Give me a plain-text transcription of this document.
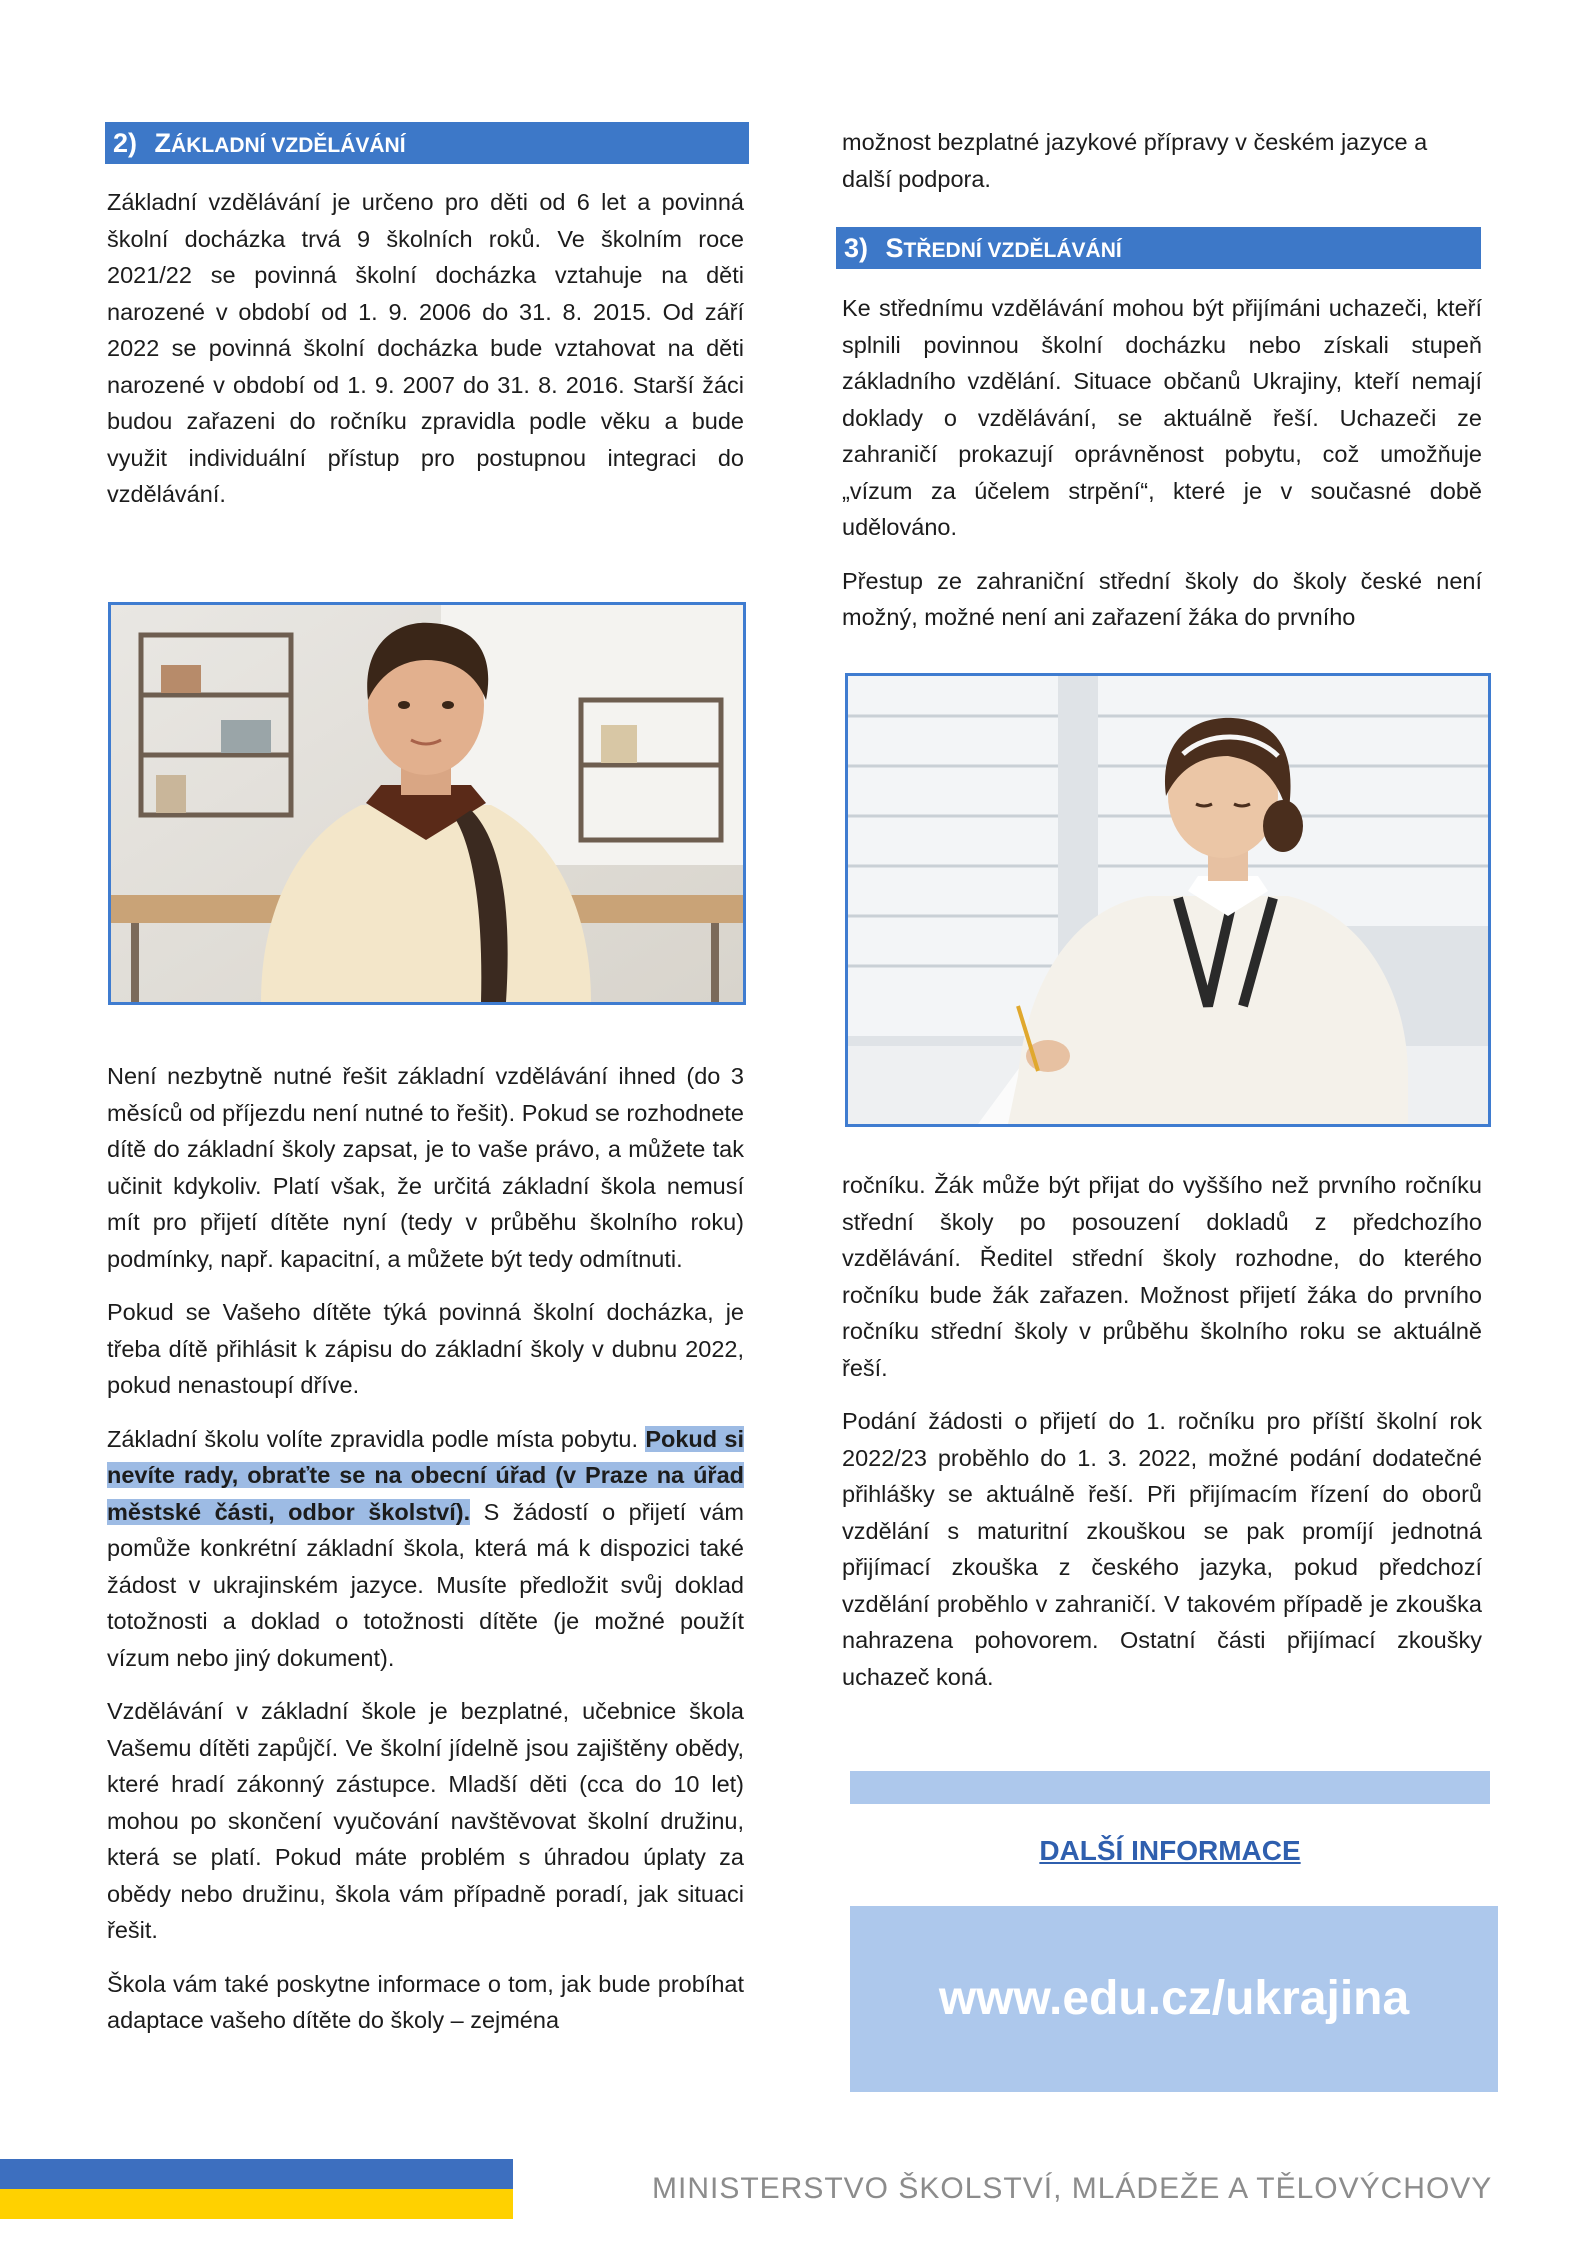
2) ZÁKLADNÍ VZDĚLÁVÁNÍ

Základní vzdělávání je určeno pro děti od 6 let a povinná školní docházka trvá 9 školních roků. Ve školním roce 2021/22 se povinná školní docházka vztahuje na děti narozené v období od 1. 9. 2006 do 31. 8. 2015. Od září 2022 se povinná školní docházka bude vztahovat na děti narozené v období od 1. 9. 2007 do 31. 8. 2016. Starší žáci budou zařazeni do ročníku zpravidla podle věku a bude využit individuální přístup pro postupnou integraci do vzdělávání.

Není nezbytně nutné řešit základní vzdělávání ihned (do 3 měsíců od příjezdu není nutné to řešit). Pokud se rozhodnete dítě do základní školy zapsat, je to vaše právo, a můžete tak učinit kdykoliv. Platí však, že určitá základní škola nemusí mít pro přijetí dítěte nyní (tedy v průběhu školního roku) podmínky, např. kapacitní, a můžete být tedy odmítnuti.

Pokud se Vašeho dítěte týká povinná školní docházka, je třeba dítě přihlásit k zápisu do základní školy v dubnu 2022, pokud nenastoupí dříve.

Základní školu volíte zpravidla podle místa pobytu. Pokud si nevíte rady, obraťte se na obecní úřad (v Praze na úřad městské části, odbor školství). S žádostí o přijetí vám pomůže konkrétní základní škola, která má k dispozici také žádost v ukrajinském jazyce. Musíte předložit svůj doklad totožnosti a doklad o totožnosti dítěte (je možné použít vízum nebo jiný dokument).

Vzdělávání v základní škole je bezplatné, učebnice škola Vašemu dítěti zapůjčí. Ve školní jídelně jsou zajištěny obědy, které hradí zákonný zástupce. Mladší děti (cca do 10 let) mohou po skončení vyučování navštěvovat školní družinu, která se platí. Pokud máte problém s úhradou úplaty za obědy nebo družinu, škola vám případně poradí, jak situaci řešit.

Škola vám také poskytne informace o tom, jak bude probíhat adaptace vašeho dítěte do školy – zejména

možnost bezplatné jazykové přípravy v českém jazyce a další podpora.

3) STŘEDNÍ VZDĚLÁVÁNÍ

Ke střednímu vzdělávání mohou být přijímáni uchazeči, kteří splnili povinnou školní docházku nebo získali stupeň základního vzdělání. Situace občanů Ukrajiny, kteří nemají doklady o vzdělávání, se aktuálně řeší. Uchazeči ze zahraničí prokazují oprávněnost pobytu, což umožňuje „vízum za účelem strpění“, které je v současné době udělováno.

Přestup ze zahraniční střední školy do školy české není možný, možné není ani zařazení žáka do prvního

ročníku. Žák může být přijat do vyššího než prvního ročníku střední školy po posouzení dokladů z předchozího vzdělávání. Ředitel střední školy rozhodne, do kterého ročníku bude žák zařazen. Možnost přijetí žáka do prvního ročníku střední školy v průběhu školního roku se aktuálně řeší.

Podání žádosti o přijetí do 1. ročníku pro příští školní rok 2022/23 proběhlo do 1. 3. 2022, možné podání dodatečné přihlášky se aktuálně řeší. Při přijímacím řízení do oborů vzdělání s maturitní zkouškou se pak promíjí jednotná přijímací zkouška z českého jazyka, pokud předchozí vzdělání proběhlo v zahraničí. V takovém případě je zkouška nahrazena pohovorem. Ostatní části přijímací zkoušky uchazeč koná.

DALŠÍ INFORMACE
www.edu.cz/ukrajina
MINISTERSTVO ŠKOLSTVÍ, MLÁDEŽE A TĚLOVÝCHOVY
